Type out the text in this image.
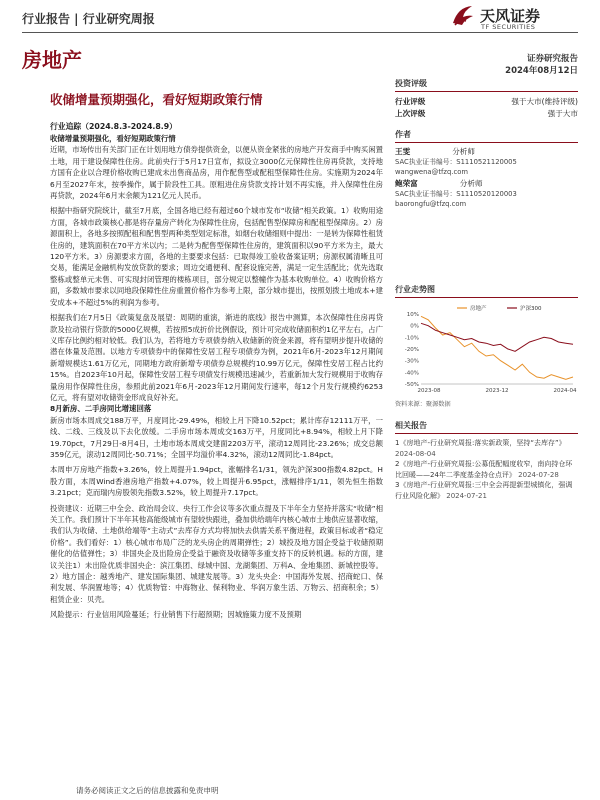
行业报告 | 行业研究周报	天风证券
TF SECURITIES
房地产	证券研究报告
2024年08月12日
收储增量预期强化，看好短期政策行情
行业追踪（2024.8.3-2024.8.9）
收储增量预期强化，看好短期政策行情

近期，市场传出有关部门正在计划用地方债券提供资金，以便从资金紧张的房地产开发商手中购买闲置土地，用于建设保障性住房。此前央行于5月17日宣布，拟设立3000亿元保障性住房再贷款，支持地方国有企业以合理价格收购已建成未出售商品房，用作配售型或配租型保障性住房。实施期为2024年6月至2027年末，按季操作，属于阶段性工具。原粗进住房贷款支持计划不再实施，并入保障性住房再贷款，2024年6月末余额为121亿元人民币。

根据中指研究院统计，截至7月底，全国各地已经有超过60个城市发布“收储”相关政策。1）收购用途方面，各城市政策核心都是将存量房产转化为保障性住房，包括配售型保障房和配租型保障房。2）房源面积上，各地多按照配租和配售型两种类型划定标准，如烟台收储细则中提出：一是转为保障性租赁住房的，建筑面积在70平方米以内；二是转为配售型保障性住房的，建筑面积以90平方米为主，最大120平方米。3）房源要求方面，各地的主要要求包括：已取得竣工验收备案证明；房源权属清晰且可交易，能满足金融机构发放贷款的要求；周边交通便利、配套设施完善，满足一定生活配比；优先选取整栋或整单元未售、可实现封闭管理的楼栋项目，部分规定以整幢作为基本收购单位。4）收购价格方面，多数城市要求以同地段保障性住房重置价格作为参考上限，部分城市提出，按照划拨土地成本+建安成本+不超过5%的利润为参考。

根据我们在7月5日《政策复盘及展望：周期的重演，渐进的底线》报告中测算，本次保障性住房再贷款及拉动银行贷款的5000亿规模，若按照5成折价比例假设，预计可完成收储面积约1亿平左右，占广义库存比例约相对较低。我们认为，若将地方专项债券纳入收储新的资金来源，将有望明步提升收储的潜在体量及范围。以地方专项债券中的保障性安居工程专项债券为例，2021年6月-2023年12月期间新增规模达1.61万亿元，同期地方政府新增专项债券总规模约10.99万亿元，保障性安居工程占比约15%。自2023年10月起，保障性安居工程专项债发行规模迅速减少，若重新加大发行规模用于收购存量房用作保障性住房，参照此前2021年6月-2023年12月期间发行速率，每12个月发行规模约6253亿元，将有望对收储资金形成良好补充。

8月新房、二手房同比增速回落

新房市场本周成交188万平，月度同比-29.49%，相较上月下降10.52pct；累计库存12111万平，一线、二线、三线及以下去化放缓。二手房市场本周成交163万平，月度同比+8.94%，相较上月下降19.70pct，7月29日-8月4日，土地市场本周成交建面2203万平，滚动12周同比-23.26%；成交总额359亿元，滚动12周同比-50.71%；全国平均溢价率4.32%，滚动12周同比-1.84pct。

本周申万房地产指数+3.26%，较上周提升1.94pct，涨幅排名1/31，领先沪深300指数4.82pct。H股方面，本周Wind香港房地产指数+4.07%，较上周提升6.95pct，涨幅排序1/11，领先恒生指数3.21pct；克而瑞内房股领先指数3.52%，较上周提升7.17pct。

投资建议：近期三中全会、政治局会议、央行工作会议等多次重点提及下半年全力坚持并落实“收储”相关工作。我们预计下半年其他高能级城市有望较快跟进，叠加供给端年内核心城市土地供应显著收缩，我们认为收储、土地供给端等“主动式”去库存方式均将加快去供需关系平衡进程，政策目标或者“稳定价格”。我们看好：1）核心城市布局广泛的龙头房企的周期弹性；2）城投及地方国企受益于收储预期催化的估值弹性；3）非国央企及出险房企受益于融资及收储等多重支持下的反转机遇。标的方面，建议关注1）未出险优质非国央企：滨江集团、绿城中国、龙湖集团、万科A、金地集团、新城控股等。2）地方国企：越秀地产、建发国际集团、城建发展等。3）龙头央企：中国海外发展、招商蛇口、保利发展、华润置地等；4）优质物管：中海物业、保利物业、华润万象生活、万物云、招商积余；5）租赁企业：贝壳。

风险提示：行业信用风险蔓延；行业销售下行超预期；因城施策力度不及预期

投资评级
行业评级	强于大市(维持评级)
上次评级	强于大市
作者
王雯	分析师
SAC执业证书编号：S1110521120005
wangwena@tfzq.com
鲍荣富	分析师
SAC执业证书编号：S1110520120003
baorongfu@tfzq.com
行业走势图
10%
0%
-10%
-20%
-30%
-40%
-50%
2023-08	2023-12	2024-04
房地产	沪深300
资料来源：聚源数据
相关报告
1《房地产-行业研究周报:落实新政策，坚持“去库存”》 2024-08-04
2《房地产-行业研究周报:公募低配幅度收窄，南向持仓环比回暖——24年二季度基金持仓点评》 2024-07-28
3《房地产-行业研究周报:三中全会再提新型城镇化，强调行业风险化解》 2024-07-21
请务必阅读正文之后的信息披露和免责申明
